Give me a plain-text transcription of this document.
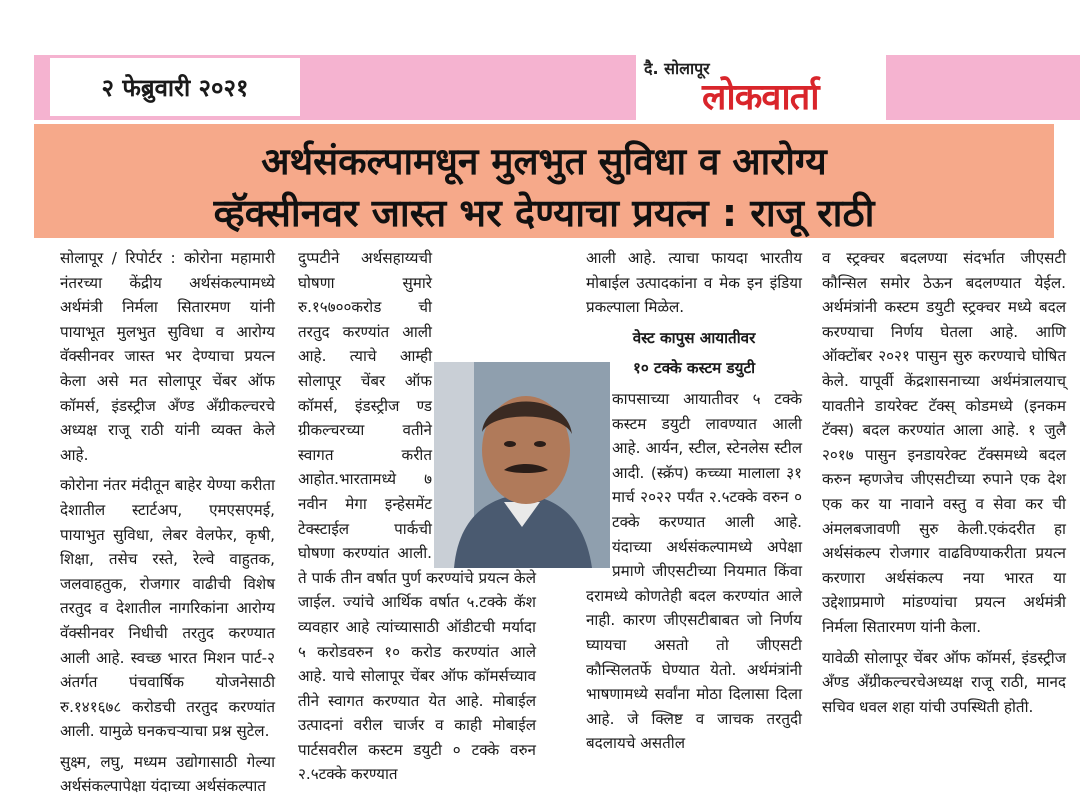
२ फेब्रुवारी २०२१
दै. सोलापूर
लोकवार्ता
अर्थसंकल्पामधून मुलभुत सुविधा व आरोग्य
व्हॅक्सीनवर जास्त भर देण्याचा प्रयत्न : राजू राठी

सोलापूर / रिपोर्टर : कोरोना महामारी नंतरच्या केंद्रीय अर्थसंकल्पामध्ये अर्थमंत्री निर्मला सितारमण यांनी पायाभूत मुलभुत सुविधा व आरोग्य वॅक्सीनवर जास्त भर देण्याचा प्रयत्न केला असे मत सोलापूर चेंबर ऑफ कॉमर्स, इंडस्ट्रीज अँण्ड अँग्रीकल्चरचे अध्यक्ष राजू राठी यांनी व्यक्त केले आहे.

कोरोना नंतर मंदीतून बाहेर येण्या करीता देशातील स्टार्टअप, एमएसएमई, पायाभुत सुविधा, लेबर वेलफेर, कृषी, शिक्षा, तसेच रस्ते, रेल्वे वाहुतक, जलवाहतुक, रोजगार वाढीची विशेष तरतुद व देशातील नागरिकांना आरोग्य वॅक्सीनवर निधीची तरतुद करण्यात आली आहे. स्वच्छ भारत मिशन पार्ट-२ अंतर्गत पंचवार्षिक योजनेसाठी रु.१४१६७८ करोडची तरतुद करण्यांत आली. यामुळे घनकचऱ्याचा प्रश्न सुटेल.

सुक्ष्म, लघु, मध्यम उद्योगासाठी गेल्या अर्थसंकल्पापेक्षा यंदाच्या अर्थसंकल्पात

दुप्पटीने अर्थसहाय्यची घोषणा सुमारे रु.१५७००करोड ची तरतुद करण्यांत आली आहे. त्याचे आम्ही सोलापूर चेंबर ऑफ कॉमर्स, इंडस्ट्रीज ण्ड ग्रीकल्चरच्या वतीने स्वागत करीत आहोत.भारतामध्ये ७ नवीन मेगा इन्हेसमेंट टेक्स्टाईल पार्कची घोषणा करण्यांत आली. ते पार्क तीन वर्षात पुर्ण करण्यांचे प्रयत्न केले जाईल. ज्यांचे आर्थिक वर्षात ५.टक्के कॅश व्यवहार आहे त्यांच्यासाठी ऑडीटची मर्यादा ५ करोडवरुन १० करोड करण्यांत आले आहे. याचे सोलापूर चेंबर ऑफ कॉमर्सच्याव तीने स्वागत करण्यात येत आहे. मोबाईल उत्पादनां वरील चार्जर व काही मोबाईल पार्टसवरील कस्टम डयुटी ० टक्के वरुन २.५टक्के करण्यात

आली आहे. त्याचा फायदा भारतीय मोबाईल उत्पादकांना व मेक इन इंडिया प्रकल्पाला मिळेल.

वेस्ट कापुस आयातीवर

१० टक्के कस्टम डयुटी

कापसाच्या आयातीवर ५ टक्के कस्टम डयुटी लावण्यात आली आहे. आर्यन, स्टील, स्टेनलेस स्टील आदी. (स्क्रॅप) कच्च्या मालाला ३१ मार्च २०२२ पर्यंत २.५टक्के वरुन ० टक्के करण्यात आली आहे. यंदाच्या अर्थसंकल्पामध्ये अपेक्षा प्रमाणे जीएसटीच्या नियमात किंवा दरामध्ये कोणतेही बदल करण्यांत आले नाही. कारण जीएसटीबाबत जो निर्णय घ्यायचा असतो तो जीएसटी कौन्सिलतर्फे घेण्यात येतो. अर्थमंत्रांनी भाषणामध्ये सर्वांना मोठा दिलासा दिला आहे. जे क्लिष्ट व जाचक तरतुदी बदलायचे असतील

व स्ट्रक्चर बदलण्या संदर्भात जीएसटी कौन्सिल समोर ठेऊन बदलण्यात येईल. अर्थमंत्रांनी कस्टम डयुटी स्ट्रक्चर मध्ये बदल करण्याचा निर्णय घेतला आहे. आणि ऑक्टोंबर २०२१ पासुन सुरु करण्याचे घोषित केले. यापूर्वी केंद्रशासनाच्या अर्थमंत्रालयाच् यावतीने डायरेक्ट टॅक्स् कोडमध्ये (इनकम टॅक्स) बदल करण्यांत आला आहे. १ जुलै २०१७ पासुन इनडायरेक्ट टॅक्समध्ये बदल करुन म्हणजेच जीएसटीच्या रुपाने एक देश एक कर या नावाने वस्तु व सेवा कर ची अंमलबजावणी सुरु केली.एकंदरीत हा अर्थसंकल्प रोजगार वाढविण्याकरीता प्रयत्न करणारा अर्थसंकल्प नया भारत या उद्देशाप्रमाणे मांडण्यांचा प्रयत्न अर्थमंत्री निर्मला सितारमण यांनी केला.

यावेळी सोलापूर चेंबर ऑफ कॉमर्स, इंडस्ट्रीज अँण्ड अँग्रीकल्चरचेअध्यक्ष राजू राठी, मानद सचिव धवल शहा यांची उपस्थिती होती.
